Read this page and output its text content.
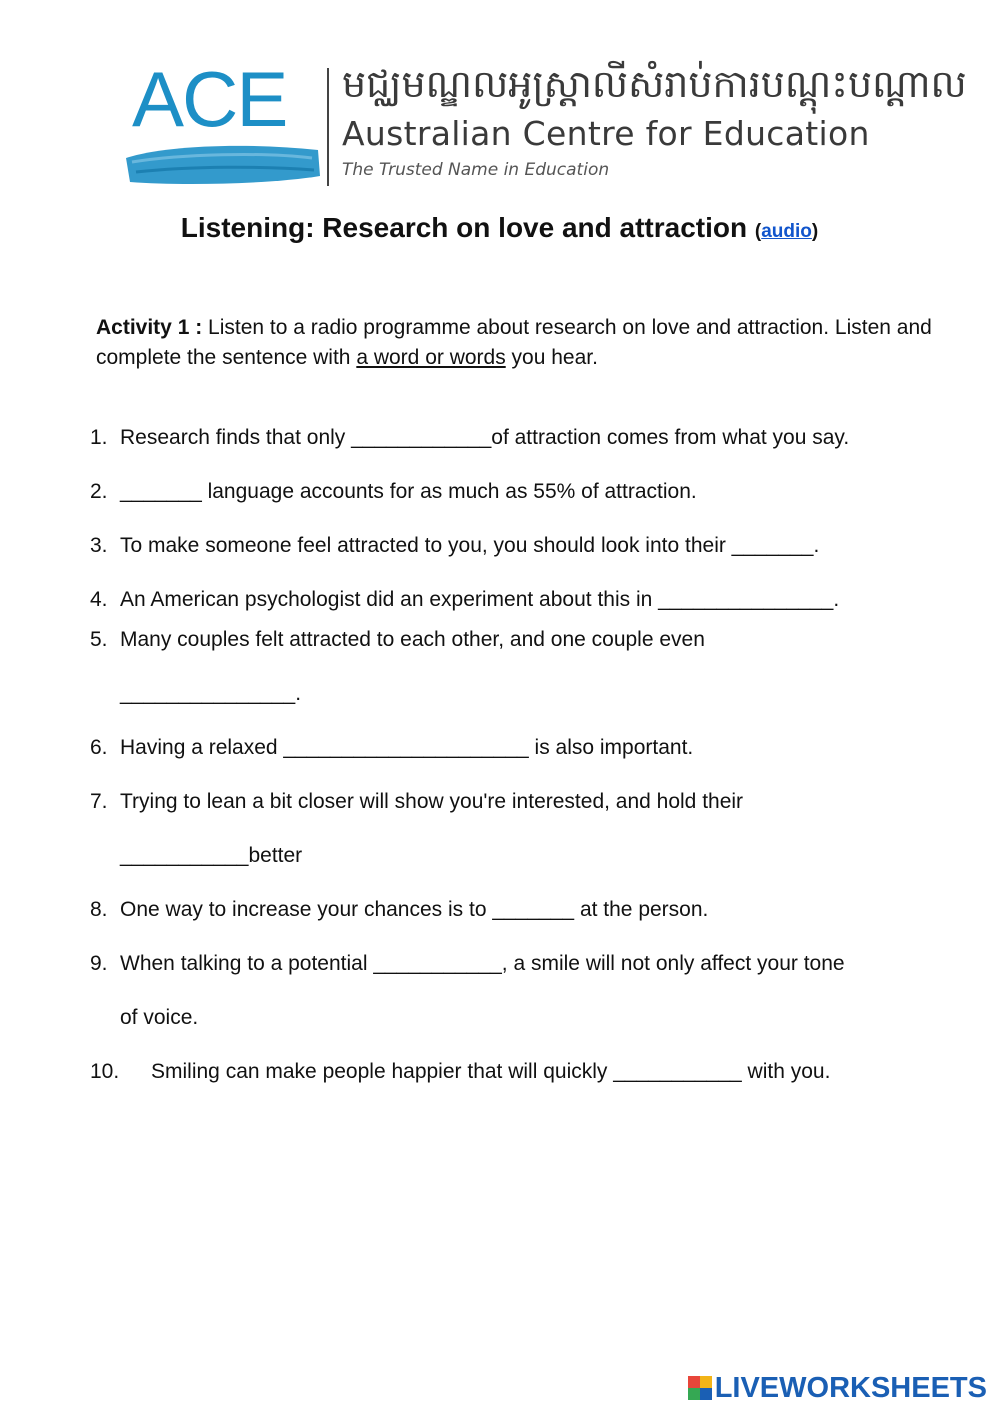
ACE មជ្ឈមណ្ឌលអូស្ត្រាលីសំរាប់ការបណ្តុះបណ្តាល
Australian Centre for Education
The Trusted Name in Education
Listening: Research on love and attraction (audio)
Activity 1 : Listen to a radio programme about research on love and attraction. Listen and complete the sentence with a word or words you hear.
1. Research finds that only ____________of attraction comes from what you say.
2. _______ language accounts for as much as 55% of attraction.
3. To make someone feel attracted to you, you should look into their _______.
4. An American psychologist did an experiment about this in _______________.
5. Many couples felt attracted to each other, and one couple even
_______________.
6. Having a relaxed _____________________ is also important.
7. Trying to lean a bit closer will show you're interested, and hold their
___________better
8. One way to increase your chances is to _______ at the person.
9. When talking to a potential ___________, a smile will not only affect your tone
of voice.
10. Smiling can make people happier that will quickly ___________ with you.
LIVEWORKSHEETS
